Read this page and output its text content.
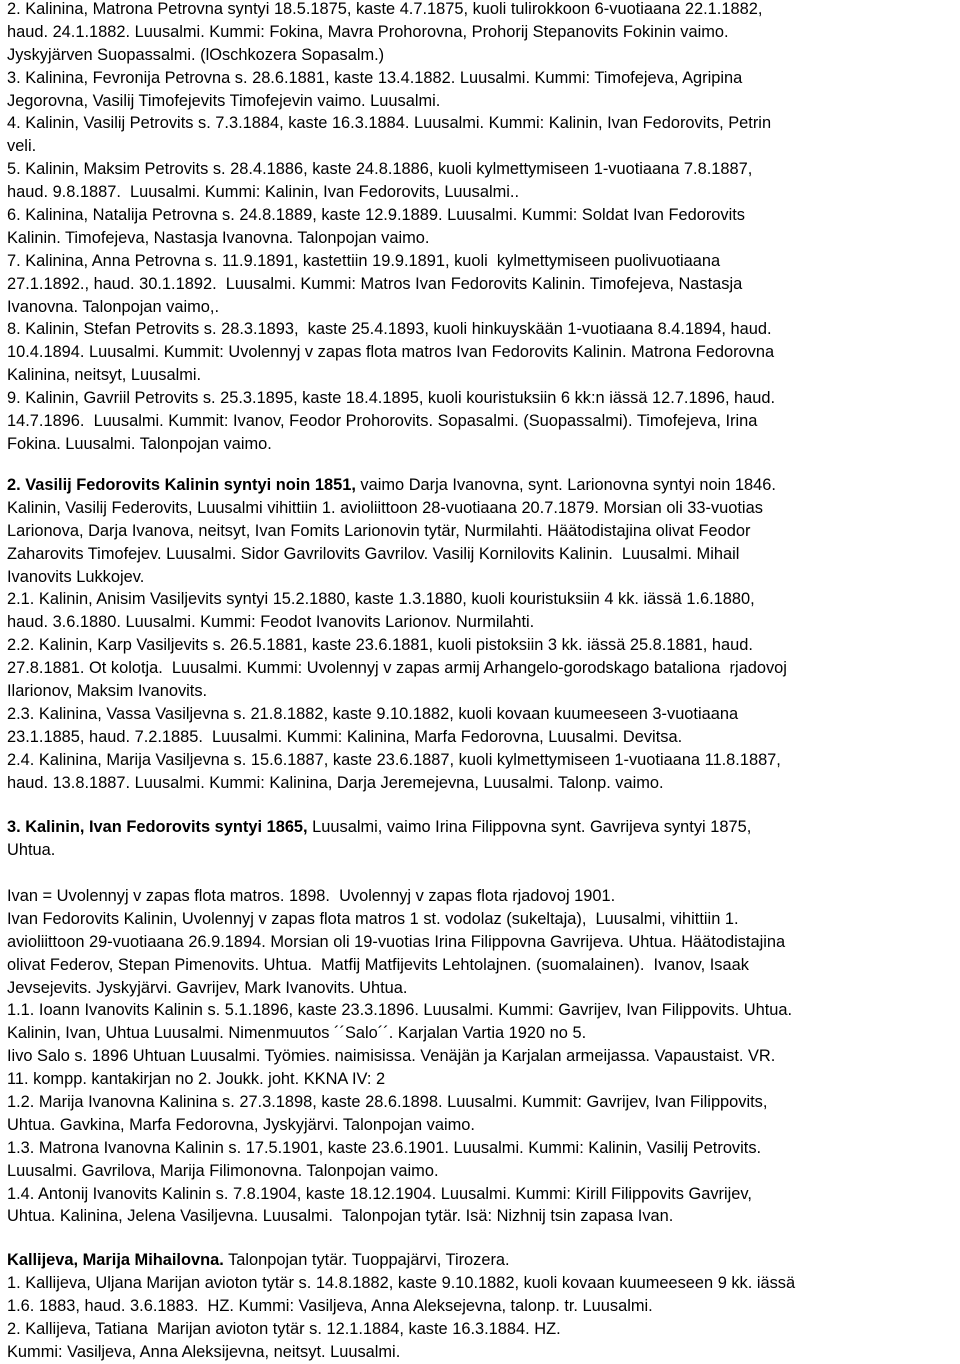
2. Kalinina, Matrona Petrovna syntyi 18.5.1875, kaste 4.7.1875, kuoli tulirokkoon 6-vuotiaana 22.1.1882,
haud. 24.1.1882. Luusalmi. Kummi: Fokina, Mavra Prohorovna, Prohorij Stepanovits Fokinin vaimo.
Jyskyjärven Suopassalmi. (lOschkozera Sopasalm.)
3. Kalinina, Fevronija Petrovna s. 28.6.1881, kaste 13.4.1882. Luusalmi. Kummi: Timofejeva, Agripina
Jegorovna, Vasilij Timofejevits Timofejevin vaimo. Luusalmi.
4. Kalinin, Vasilij Petrovits s. 7.3.1884, kaste 16.3.1884. Luusalmi. Kummi: Kalinin, Ivan Fedorovits, Petrin
veli.
5. Kalinin, Maksim Petrovits s. 28.4.1886, kaste 24.8.1886, kuoli kylmettymiseen 1-vuotiaana 7.8.1887,
haud. 9.8.1887.  Luusalmi. Kummi: Kalinin, Ivan Fedorovits, Luusalmi..
6. Kalinina, Natalija Petrovna s. 24.8.1889, kaste 12.9.1889. Luusalmi. Kummi: Soldat Ivan Fedorovits
Kalinin. Timofejeva, Nastasja Ivanovna. Talonpojan vaimo.
7. Kalinina, Anna Petrovna s. 11.9.1891, kastettiin 19.9.1891, kuoli  kylmettymiseen puolivuotiaana
27.1.1892., haud. 30.1.1892.  Luusalmi. Kummi: Matros Ivan Fedorovits Kalinin. Timofejeva, Nastasja
Ivanovna. Talonpojan vaimo,.
8. Kalinin, Stefan Petrovits s. 28.3.1893,  kaste 25.4.1893, kuoli hinkuyskään 1-vuotiaana 8.4.1894, haud.
10.4.1894. Luusalmi. Kummit: Uvolennyj v zapas flota matros Ivan Fedorovits Kalinin. Matrona Fedorovna
Kalinina, neitsyt, Luusalmi.
9. Kalinin, Gavriil Petrovits s. 25.3.1895, kaste 18.4.1895, kuoli kouristuksiin 6 kk:n iässä 12.7.1896, haud.
14.7.1896.  Luusalmi. Kummit: Ivanov, Feodor Prohorovits. Sopasalmi. (Suopassalmi). Timofejeva, Irina
Fokina. Luusalmi. Talonpojan vaimo.
2. Vasilij Fedorovits Kalinin syntyi noin 1851, vaimo Darja Ivanovna, synt. Larionovna syntyi noin 1846.
Kalinin, Vasilij Federovits, Luusalmi vihittiin 1. avioliittoon 28-vuotiaana 20.7.1879. Morsian oli 33-vuotias
Larionova, Darja Ivanova, neitsyt, Ivan Fomits Larionovin tytär, Nurmilahti. Häätodistajina olivat Feodor
Zaharovits Timofejev. Luusalmi. Sidor Gavrilovits Gavrilov. Vasilij Kornilovits Kalinin.  Luusalmi. Mihail
Ivanovits Lukkojev.
2.1. Kalinin, Anisim Vasiljevits syntyi 15.2.1880, kaste 1.3.1880, kuoli kouristuksiin 4 kk. iässä 1.6.1880,
haud. 3.6.1880. Luusalmi. Kummi: Feodot Ivanovits Larionov. Nurmilahti.
2.2. Kalinin, Karp Vasiljevits s. 26.5.1881, kaste 23.6.1881, kuoli pistoksiin 3 kk. iässä 25.8.1881, haud.
27.8.1881. Ot kolotja.  Luusalmi. Kummi: Uvolennyj v zapas armij Arhangelo-gorodskago bataliona  rjadovoj
Ilarionov, Maksim Ivanovits.
2.3. Kalinina, Vassa Vasiljevna s. 21.8.1882, kaste 9.10.1882, kuoli kovaan kuumeeseen 3-vuotiaana
23.1.1885, haud. 7.2.1885.  Luusalmi. Kummi: Kalinina, Marfa Fedorovna, Luusalmi. Devitsa.
2.4. Kalinina, Marija Vasiljevna s. 15.6.1887, kaste 23.6.1887, kuoli kylmettymiseen 1-vuotiaana 11.8.1887,
haud. 13.8.1887. Luusalmi. Kummi: Kalinina, Darja Jeremejevna, Luusalmi. Talonp. vaimo.
3. Kalinin, Ivan Fedorovits syntyi 1865, Luusalmi, vaimo Irina Filippovna synt. Gavrijeva syntyi 1875,
Uhtua.
Ivan = Uvolennyj v zapas flota matros. 1898.  Uvolennyj v zapas flota rjadovoj 1901.
Ivan Fedorovits Kalinin, Uvolennyj v zapas flota matros 1 st. vodolaz (sukeltaja),  Luusalmi, vihittiin 1.
avioliittoon 29-vuotiaana 26.9.1894. Morsian oli 19-vuotias Irina Filippovna Gavrijeva. Uhtua. Häätodistajina
olivat Federov, Stepan Pimenovits. Uhtua.  Matfij Matfijevits Lehtolajnen. (suomalainen).  Ivanov, Isaak
Jevsejevits. Jyskyjärvi. Gavrijev, Mark Ivanovits. Uhtua.
1.1. Ioann Ivanovits Kalinin s. 5.1.1896, kaste 23.3.1896. Luusalmi. Kummi: Gavrijev, Ivan Filippovits. Uhtua.
Kalinin, Ivan, Uhtua Luusalmi. Nimenmuutos ´´Salo´´. Karjalan Vartia 1920 no 5.
Iivo Salo s. 1896 Uhtuan Luusalmi. Työmies. naimisissa. Venäjän ja Karjalan armeijassa. Vapaustaist. VR.
11. kompp. kantakirjan no 2. Joukk. joht. KKNA IV: 2
1.2. Marija Ivanovna Kalinina s. 27.3.1898, kaste 28.6.1898. Luusalmi. Kummit: Gavrijev, Ivan Filippovits,
Uhtua. Gavkina, Marfa Fedorovna, Jyskyjärvi. Talonpojan vaimo.
1.3. Matrona Ivanovna Kalinin s. 17.5.1901, kaste 23.6.1901. Luusalmi. Kummi: Kalinin, Vasilij Petrovits.
Luusalmi. Gavrilova, Marija Filimonovna. Talonpojan vaimo.
1.4. Antonij Ivanovits Kalinin s. 7.8.1904, kaste 18.12.1904. Luusalmi. Kummi: Kirill Filippovits Gavrijev,
Uhtua. Kalinina, Jelena Vasiljevna. Luusalmi.  Talonpojan tytär. Isä: Nizhnij tsin zapasa Ivan.
Kallijeva, Marija Mihailovna. Talonpojan tytär. Tuoppajärvi, Tirozera.
1. Kallijeva, Uljana Marijan avioton tytär s. 14.8.1882, kaste 9.10.1882, kuoli kovaan kuumeeseen 9 kk. iässä
1.6. 1883, haud. 3.6.1883.  HZ. Kummi: Vasiljeva, Anna Aleksejevna, talonp. tr. Luusalmi.
2. Kallijeva, Tatiana  Marijan avioton tytär s. 12.1.1884, kaste 16.3.1884. HZ.
Kummi: Vasiljeva, Anna Aleksijevna, neitsyt. Luusalmi.
